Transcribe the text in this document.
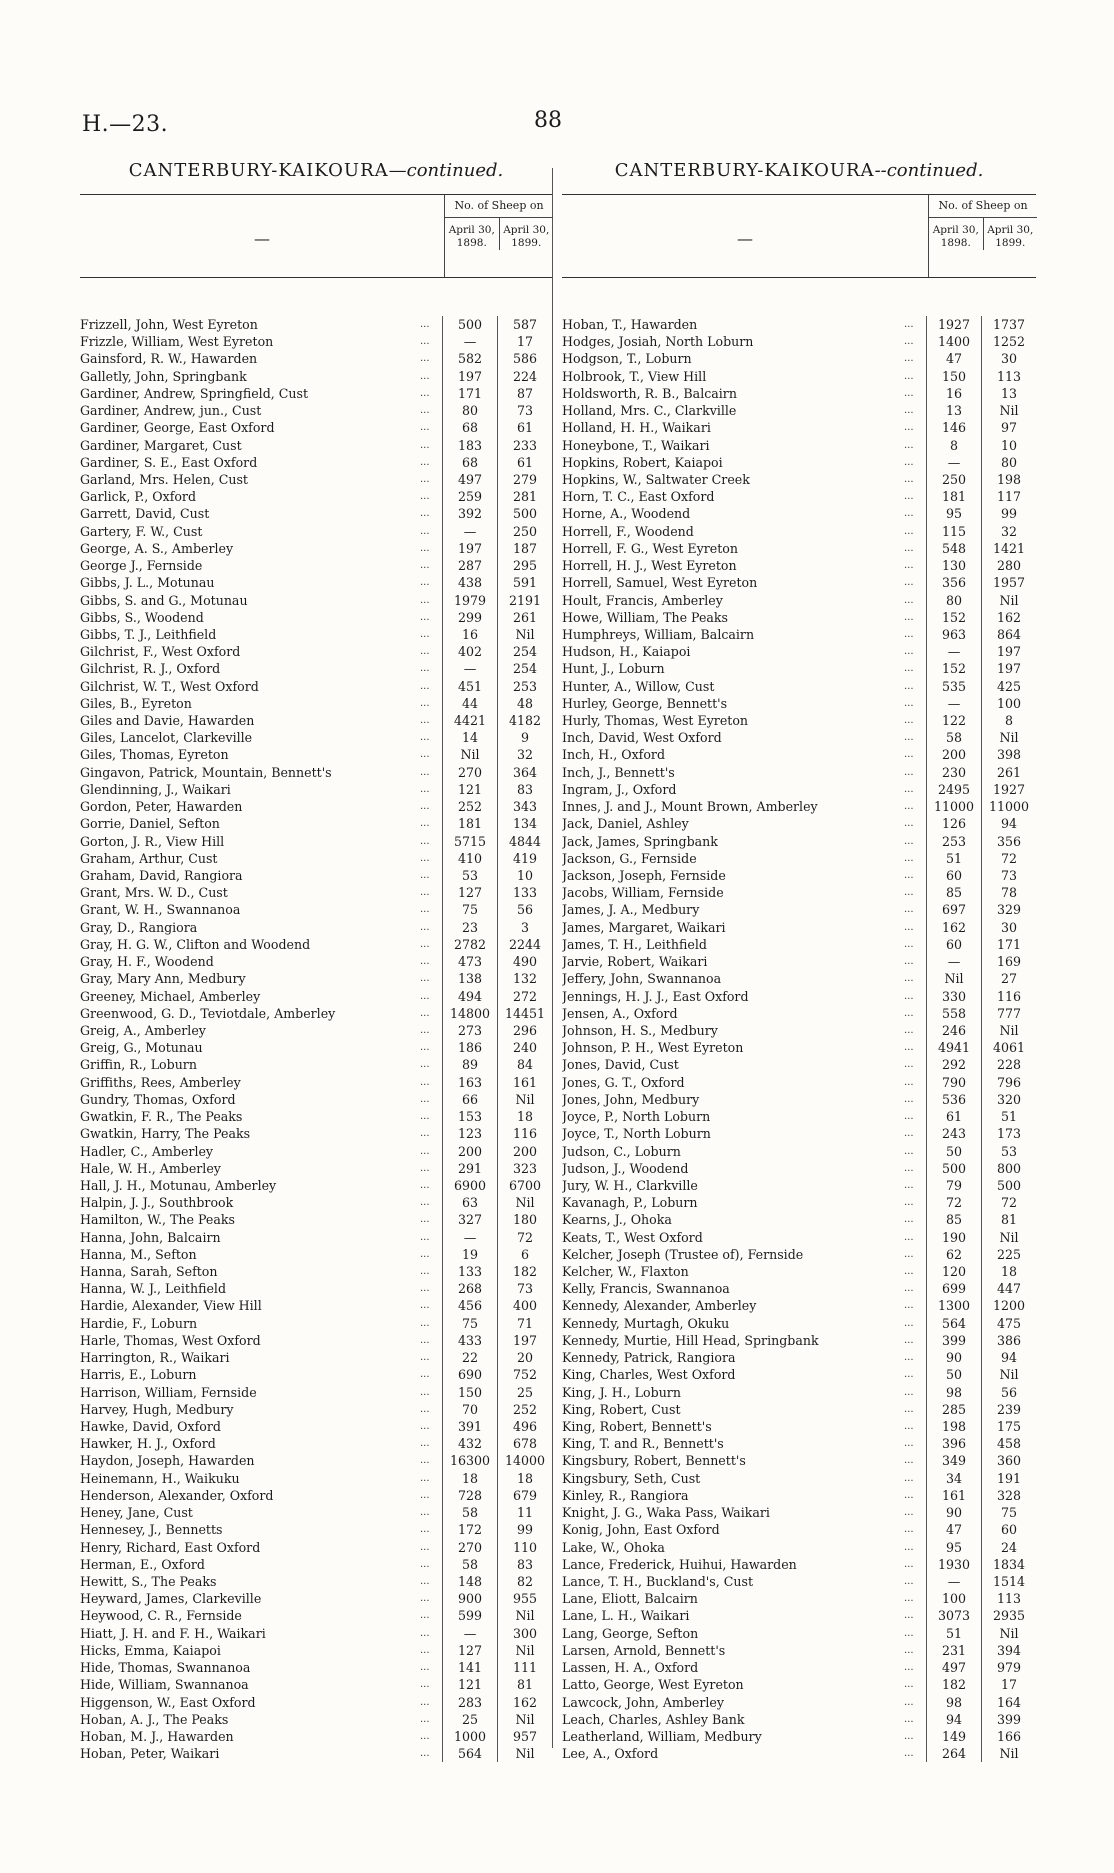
H.—23.	88
CANTERBURY-KAIKOURA—continued.
—
No. of Sheep on
April 30, 1898.
April 30, 1899.
Frizzell, John, West Eyreton	...	500	587
Frizzle, William, West Eyreton	...	—	17
Gainsford, R. W., Hawarden	...	582	586
Galletly, John, Springbank	...	197	224
Gardiner, Andrew, Springfield, Cust	...	171	87
Gardiner, Andrew, jun., Cust	...	80	73
Gardiner, George, East Oxford	...	68	61
Gardiner, Margaret, Cust	...	183	233
Gardiner, S. E., East Oxford	...	68	61
Garland, Mrs. Helen, Cust	...	497	279
Garlick, P., Oxford	...	259	281
Garrett, David, Cust	...	392	500
Gartery, F. W., Cust	...	—	250
George, A. S., Amberley	...	197	187
George J., Fernside	...	287	295
Gibbs, J. L., Motunau	...	438	591
Gibbs, S. and G., Motunau	...	1979	2191
Gibbs, S., Woodend	...	299	261
Gibbs, T. J., Leithfield	...	16	Nil
Gilchrist, F., West Oxford	...	402	254
Gilchrist, R. J., Oxford	...	—	254
Gilchrist, W. T., West Oxford	...	451	253
Giles, B., Eyreton	...	44	48
Giles and Davie, Hawarden	...	4421	4182
Giles, Lancelot, Clarkeville	...	14	9
Giles, Thomas, Eyreton	...	Nil	32
Gingavon, Patrick, Mountain, Bennett's	...	270	364
Glendinning, J., Waikari	...	121	83
Gordon, Peter, Hawarden	...	252	343
Gorrie, Daniel, Sefton	...	181	134
Gorton, J. R., View Hill	...	5715	4844
Graham, Arthur, Cust	...	410	419
Graham, David, Rangiora	...	53	10
Grant, Mrs. W. D., Cust	...	127	133
Grant, W. H., Swannanoa	...	75	56
Gray, D., Rangiora	...	23	3
Gray, H. G. W., Clifton and Woodend	...	2782	2244
Gray, H. F., Woodend	...	473	490
Gray, Mary Ann, Medbury	...	138	132
Greeney, Michael, Amberley	...	494	272
Greenwood, G. D., Teviotdale, Amberley	...	14800	14451
Greig, A., Amberley	...	273	296
Greig, G., Motunau	...	186	240
Griffin, R., Loburn	...	89	84
Griffiths, Rees, Amberley	...	163	161
Gundry, Thomas, Oxford	...	66	Nil
Gwatkin, F. R., The Peaks	...	153	18
Gwatkin, Harry, The Peaks	...	123	116
Hadler, C., Amberley	...	200	200
Hale, W. H., Amberley	...	291	323
Hall, J. H., Motunau, Amberley	...	6900	6700
Halpin, J. J., Southbrook	...	63	Nil
Hamilton, W., The Peaks	...	327	180
Hanna, John, Balcairn	...	—	72
Hanna, M., Sefton	...	19	6
Hanna, Sarah, Sefton	...	133	182
Hanna, W. J., Leithfield	...	268	73
Hardie, Alexander, View Hill	...	456	400
Hardie, F., Loburn	...	75	71
Harle, Thomas, West Oxford	...	433	197
Harrington, R., Waikari	...	22	20
Harris, E., Loburn	...	690	752
Harrison, William, Fernside	...	150	25
Harvey, Hugh, Medbury	...	70	252
Hawke, David, Oxford	...	391	496
Hawker, H. J., Oxford	...	432	678
Haydon, Joseph, Hawarden	...	16300	14000
Heinemann, H., Waikuku	...	18	18
Henderson, Alexander, Oxford	...	728	679
Heney, Jane, Cust	...	58	11
Hennesey, J., Bennetts	...	172	99
Henry, Richard, East Oxford	...	270	110
Herman, E., Oxford	...	58	83
Hewitt, S., The Peaks	...	148	82
Heyward, James, Clarkeville	...	900	955
Heywood, C. R., Fernside	...	599	Nil
Hiatt, J. H. and F. H., Waikari	...	—	300
Hicks, Emma, Kaiapoi	...	127	Nil
Hide, Thomas, Swannanoa	...	141	111
Hide, William, Swannanoa	...	121	81
Higgenson, W., East Oxford	...	283	162
Hoban, A. J., The Peaks	...	25	Nil
Hoban, M. J., Hawarden	...	1000	957
Hoban, Peter, Waikari	...	564	Nil
CANTERBURY-KAIKOURA--continued.
—
No. of Sheep on
April 30, 1898.
April 30, 1899.
Hoban, T., Hawarden	...	1927	1737
Hodges, Josiah, North Loburn	...	1400	1252
Hodgson, T., Loburn	...	47	30
Holbrook, T., View Hill	...	150	113
Holdsworth, R. B., Balcairn	...	16	13
Holland, Mrs. C., Clarkville	...	13	Nil
Holland, H. H., Waikari	...	146	97
Honeybone, T., Waikari	...	8	10
Hopkins, Robert, Kaiapoi	...	—	80
Hopkins, W., Saltwater Creek	...	250	198
Horn, T. C., East Oxford	...	181	117
Horne, A., Woodend	...	95	99
Horrell, F., Woodend	...	115	32
Horrell, F. G., West Eyreton	...	548	1421
Horrell, H. J., West Eyreton	...	130	280
Horrell, Samuel, West Eyreton	...	356	1957
Hoult, Francis, Amberley	...	80	Nil
Howe, William, The Peaks	...	152	162
Humphreys, William, Balcairn	...	963	864
Hudson, H., Kaiapoi	...	—	197
Hunt, J., Loburn	...	152	197
Hunter, A., Willow, Cust	...	535	425
Hurley, George, Bennett's	...	—	100
Hurly, Thomas, West Eyreton	...	122	8
Inch, David, West Oxford	...	58	Nil
Inch, H., Oxford	...	200	398
Inch, J., Bennett's	...	230	261
Ingram, J., Oxford	...	2495	1927
Innes, J. and J., Mount Brown, Amberley	...	11000	11000
Jack, Daniel, Ashley	...	126	94
Jack, James, Springbank	...	253	356
Jackson, G., Fernside	...	51	72
Jackson, Joseph, Fernside	...	60	73
Jacobs, William, Fernside	...	85	78
James, J. A., Medbury	...	697	329
James, Margaret, Waikari	...	162	30
James, T. H., Leithfield	...	60	171
Jarvie, Robert, Waikari	...	—	169
Jeffery, John, Swannanoa	...	Nil	27
Jennings, H. J. J., East Oxford	...	330	116
Jensen, A., Oxford	...	558	777
Johnson, H. S., Medbury	...	246	Nil
Johnson, P. H., West Eyreton	...	4941	4061
Jones, David, Cust	...	292	228
Jones, G. T., Oxford	...	790	796
Jones, John, Medbury	...	536	320
Joyce, P., North Loburn	...	61	51
Joyce, T., North Loburn	...	243	173
Judson, C., Loburn	...	50	53
Judson, J., Woodend	...	500	800
Jury, W. H., Clarkville	...	79	500
Kavanagh, P., Loburn	...	72	72
Kearns, J., Ohoka	...	85	81
Keats, T., West Oxford	...	190	Nil
Kelcher, Joseph (Trustee of), Fernside	...	62	225
Kelcher, W., Flaxton	...	120	18
Kelly, Francis, Swannanoa	...	699	447
Kennedy, Alexander, Amberley	...	1300	1200
Kennedy, Murtagh, Okuku	...	564	475
Kennedy, Murtie, Hill Head, Springbank	...	399	386
Kennedy, Patrick, Rangiora	...	90	94
King, Charles, West Oxford	...	50	Nil
King, J. H., Loburn	...	98	56
King, Robert, Cust	...	285	239
King, Robert, Bennett's	...	198	175
King, T. and R., Bennett's	...	396	458
Kingsbury, Robert, Bennett's	...	349	360
Kingsbury, Seth, Cust	...	34	191
Kinley, R., Rangiora	...	161	328
Knight, J. G., Waka Pass, Waikari	...	90	75
Konig, John, East Oxford	...	47	60
Lake, W., Ohoka	...	95	24
Lance, Frederick, Huihui, Hawarden	...	1930	1834
Lance, T. H., Buckland's, Cust	...	—	1514
Lane, Eliott, Balcairn	...	100	113
Lane, L. H., Waikari	...	3073	2935
Lang, George, Sefton	...	51	Nil
Larsen, Arnold, Bennett's	...	231	394
Lassen, H. A., Oxford	...	497	979
Latto, George, West Eyreton	...	182	17
Lawcock, John, Amberley	...	98	164
Leach, Charles, Ashley Bank	...	94	399
Leatherland, William, Medbury	...	149	166
Lee, A., Oxford	...	264	Nil
